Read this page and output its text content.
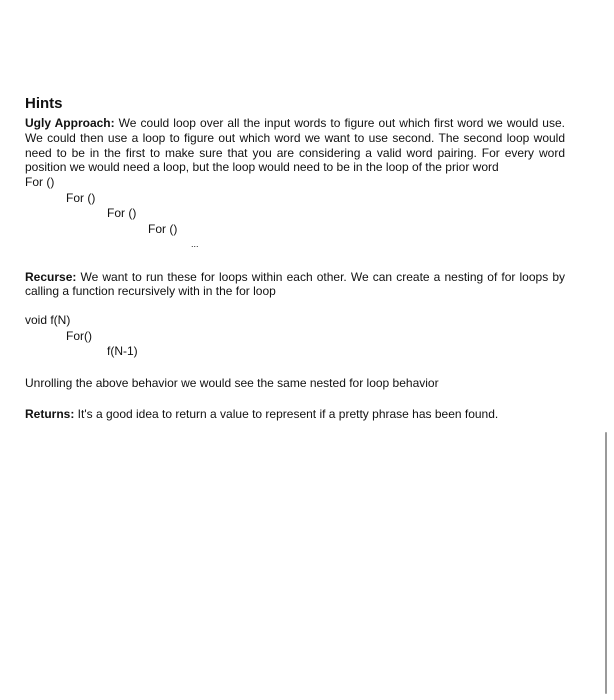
Hints

Ugly Approach: We could loop over all the input words to figure out which first word we would use. We could then use a loop to figure out which word we want to use second. The second loop would need to be in the first to make sure that you are considering a valid word pairing. For every word position we would need a loop, but the loop would need to be in the loop of the prior word

For ()
For ()
For ()
For ()
...

Recurse: We want to run these for loops within each other. We can create a nesting of for loops by calling a function recursively with in the for loop

void f(N)
For()
f(N-1)

Unrolling the above behavior we would see the same nested for loop behavior

Returns: It's a good idea to return a value to represent if a pretty phrase has been found.
